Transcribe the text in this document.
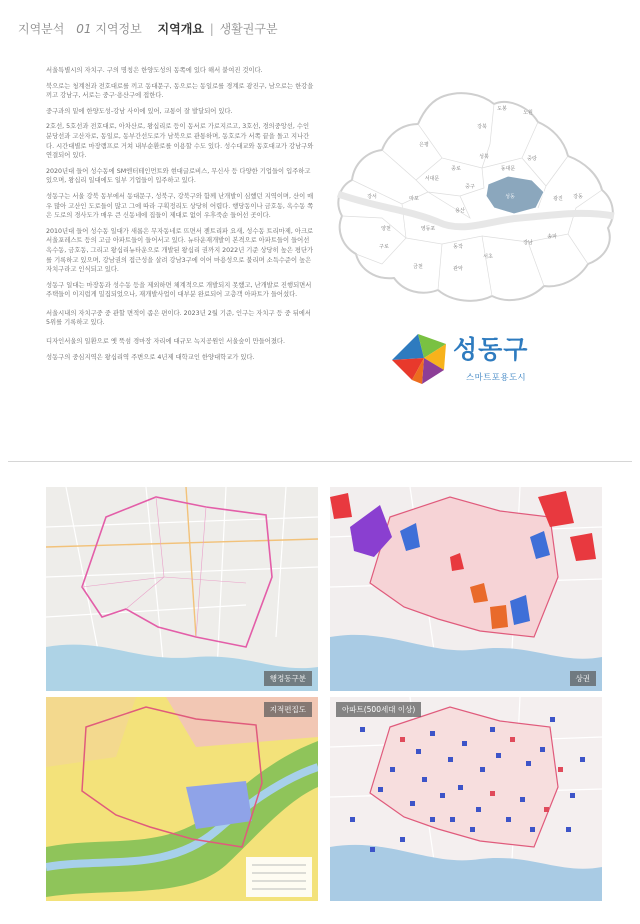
지역분석 01 지역정보 지역개요 | 생활권구분

서울특별시의 자치구. 구의 명칭은 한양도성의 동쪽에 있다 해서 붙여진 것이다.

북으로는 청계천과 전호대로를 끼고 동대문구, 동으로는 동일로를 경계로 광진구, 남으로는 한강을 끼고 강남구, 서로는 중구·용산구에 접한다.

중구과의 밑에 한양도성-강남 사이에 있어, 교통이 잘 발달되어 있다.

2호선, 5호선과 전호대로, 아차산로, 왕십리로 등이 동서로 가로지르고, 3호선, 경의중앙선, 수인분당선과 고산자로, 동일로, 동부간선도로가 남북으로 관통하며, 동호로가 서쪽 끝을 돌고 지나간다. 시간대별로 마장램프로 거쳐 내부순환로를 이용할 수도 있다. 성수대교와 동호대교가 강남구와 연결되어 있다.

2020년대 들어 성수동에 SM엔터테인먼트와 현대글로비스, 무신사 등 다양한 기업들이 입주하고 있으며, 왕십리 일대에도 일부 기업들이 입주하고 있다.

성동구는 서울 강북 동부에서 동대문구, 성북구, 강북구와 함께 난개발이 심했던 지역이며, 산이 매우 많아 고산인 도로들이 많고 그에 따라 구획정리도 상당히 어렵다. 행당동이나 금호동, 옥수동 쪽은 도로의 경사도가 매우 큰 신동네에 집들이 제대로 없이 우후죽순 들어선 곳이다.

2010년대 들어 성수동 일대가 새롭은 무자동네로 뜨면서 젠트리파 요새, 성수동 트리마제, 아크로 서울포레스트 등의 고급 아파트들이 들어서고 있다. 뉴타운재개발이 본격으로 아파트들이 들어선 옥수동, 금호동, 그리고 왕십리뉴타운으로 개발된 왕십리 권까지 2022년 기준 상당히 높은 평단가를 기록하고 있으며, 강남권의 접근성을 살려 강남3구에 이어 마용성으로 불리며 소득수준이 높은 자치구라고 인식되고 있다.

성동구 일대는 마장동과 성수동 등을 제외하면 체계적으로 개발되지 못했고, 난개발로 진행되면서 주택들이 이지럽게 밀집되었으나, 재개발사업이 대부분 완료되어 고층객 아파트가 들어섰다.

서울시내의 자치구중 중 관할 면적이 좁은 편이다. 2023년 2월 기준, 인구는 자치구 등 중 뒤에서 5위를 기록하고 있다.

디자인서울의 일환으로 옛 뚝섬 경마장 자리에 대규모 녹지공원인 서울숲이 만들어졌다.

성동구의 중심지역은 왕십리역 주변으로 4년제 대학교인 한양대학교가 있다.

도봉
노원
강북
성북
은평
종로
중랑
동대문
서대문
중구
성동	광진
마포
용산
강동
강서
영등포
동작
서초
강남
송파
양천
구로
금천	관악
성동구
스마트포용도시
행정동구분	상권
지적편집도	아파트(500세대 이상)
